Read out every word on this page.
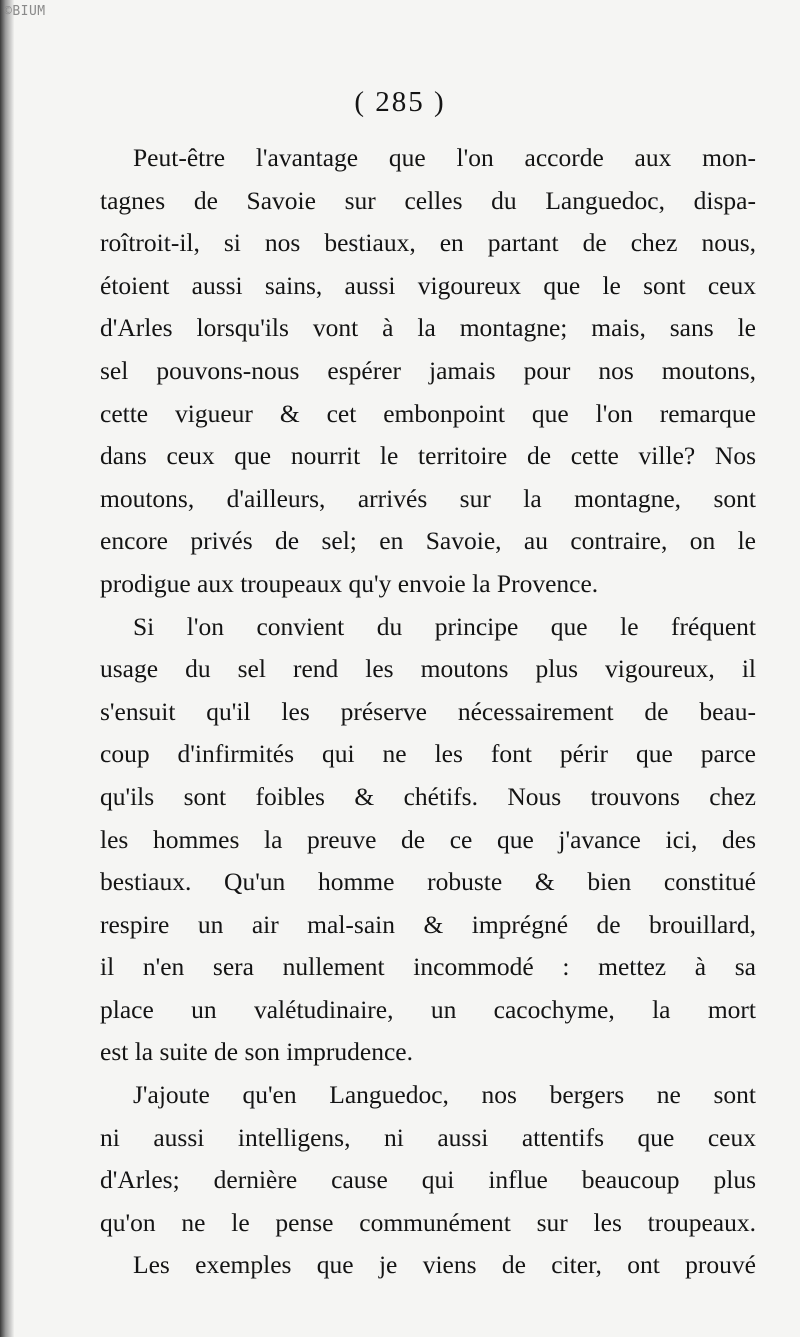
©BIUM
( 285 )
Peut-être l'avantage que l'on accorde aux mon-
tagnes de Savoie sur celles du Languedoc, dispa-
roîtroit-il, si nos bestiaux, en partant de chez nous,
étoient aussi sains, aussi vigoureux que le sont ceux
d'Arles lorsqu'ils vont à la montagne; mais, sans le
sel pouvons-nous espérer jamais pour nos moutons,
cette vigueur & cet embonpoint que l'on remarque
dans ceux que nourrit le territoire de cette ville? Nos
moutons, d'ailleurs, arrivés sur la montagne, sont
encore privés de sel; en Savoie, au contraire, on le
prodigue aux troupeaux qu'y envoie la Provence.
Si l'on convient du principe que le fréquent
usage du sel rend les moutons plus vigoureux, il
s'ensuit qu'il les préserve nécessairement de beau-
coup d'infirmités qui ne les font périr que parce
qu'ils sont foibles & chétifs. Nous trouvons chez
les hommes la preuve de ce que j'avance ici, des
bestiaux. Qu'un homme robuste & bien constitué
respire un air mal-sain & imprégné de brouillard,
il n'en sera nullement incommodé : mettez à sa
place un valétudinaire, un cacochyme, la mort
est la suite de son imprudence.
J'ajoute qu'en Languedoc, nos bergers ne sont
ni aussi intelligens, ni aussi attentifs que ceux
d'Arles; dernière cause qui influe beaucoup plus
qu'on ne le pense communément sur les troupeaux.
Les exemples que je viens de citer, ont prouvé
